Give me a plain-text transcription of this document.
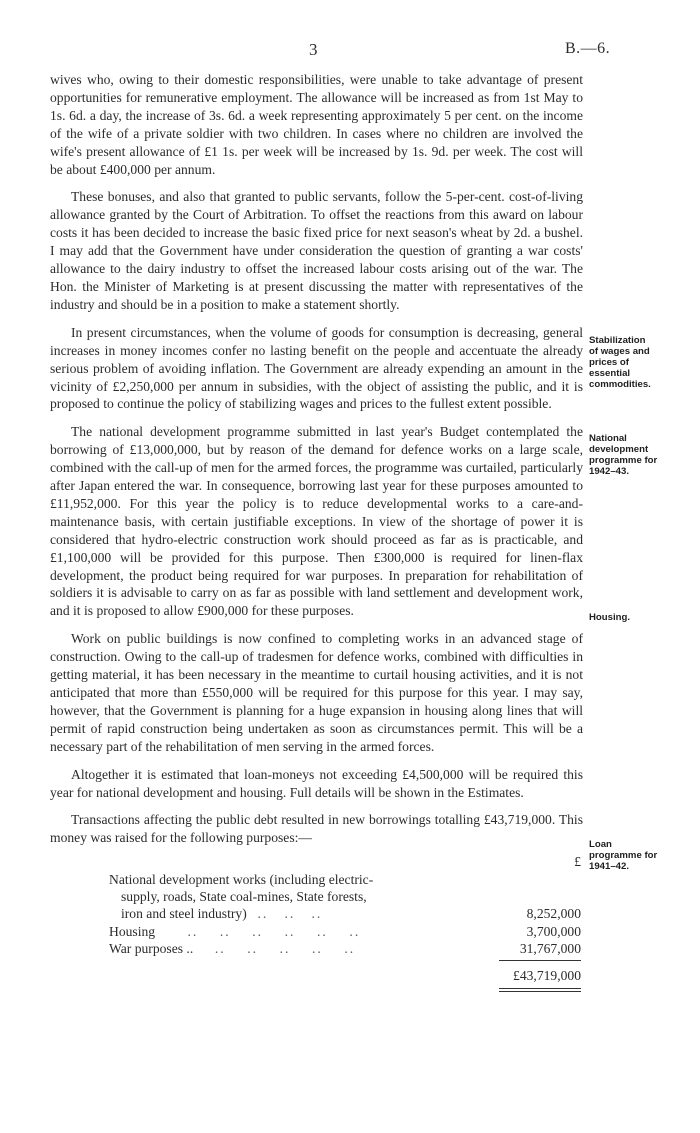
3	B.—6.

wives who, owing to their domestic responsibilities, were unable to take advantage of present opportunities for remunerative employment. The allowance will be increased as from 1st May to 1s. 6d. a day, the increase of 3s. 6d. a week representing approximately 5 per cent. on the income of the wife of a private soldier with two children. In cases where no children are involved the wife's present allowance of £1 1s. per week will be increased by 1s. 9d. per week. The cost will be about £400,000 per annum.

These bonuses, and also that granted to public servants, follow the 5-per-cent. cost-of-living allowance granted by the Court of Arbitration. To offset the reactions from this award on labour costs it has been decided to increase the basic fixed price for next season's wheat by 2d. a bushel. I may add that the Government have under consideration the question of granting a war costs' allowance to the dairy industry to offset the increased labour costs arising out of the war. The Hon. the Minister of Marketing is at present discussing the matter with representatives of the industry and should be in a position to make a statement shortly.

In present circumstances, when the volume of goods for consumption is decreasing, general increases in money incomes confer no lasting benefit on the people and accentuate the already serious problem of avoiding inflation. The Government are already expending an amount in the vicinity of £2,250,000 per annum in subsidies, with the object of assisting the public, and it is proposed to continue the policy of stabilizing wages and prices to the fullest extent possible.

The national development programme submitted in last year's Budget contemplated the borrowing of £13,000,000, but by reason of the demand for defence works on a large scale, combined with the call-up of men for the armed forces, the programme was curtailed, particularly after Japan entered the war. In consequence, borrowing last year for these purposes amounted to £11,952,000. For this year the policy is to reduce developmental works to a care-and-maintenance basis, with certain justifiable exceptions. In view of the shortage of power it is considered that hydro-electric construction work should proceed as far as is practicable, and £1,100,000 will be provided for this purpose. Then £300,000 is required for linen-flax development, the product being required for war purposes. In preparation for rehabilitation of soldiers it is advisable to carry on as far as possible with land settlement and development work, and it is proposed to allow £900,000 for these purposes.

Work on public buildings is now confined to completing works in an advanced stage of construction. Owing to the call-up of tradesmen for defence works, combined with difficulties in getting material, it has been necessary in the meantime to curtail housing activities, and it is not anticipated that more than £550,000 will be required for this purpose for this year. I may say, however, that the Government is planning for a huge expansion in housing along lines that will permit of rapid construction being undertaken as soon as circumstances permit. This will be a necessary part of the rehabilitation of men serving in the armed forces.

Altogether it is estimated that loan-moneys not exceeding £4,500,000 will be required this year for national development and housing. Full details will be shown in the Estimates.

Transactions affecting the public debt resulted in new borrowings totalling £43,719,000. This money was raised for the following purposes:—

£
National development works (including electric-
supply, roads, State coal-mines, State forests,
iron and steel industry)  ..   ..   ..	8,252,000
Housing      ..    ..    ..    ..    ..    ..	3,700,000
War purposes ..    ..    ..    ..    ..    ..	31,767,000
£43,719,000
Stabilization
of wages and
prices of
essential
commodities.
National
development
programme for
1942–43.
Housing.
Loan
programme for
1941–42.
